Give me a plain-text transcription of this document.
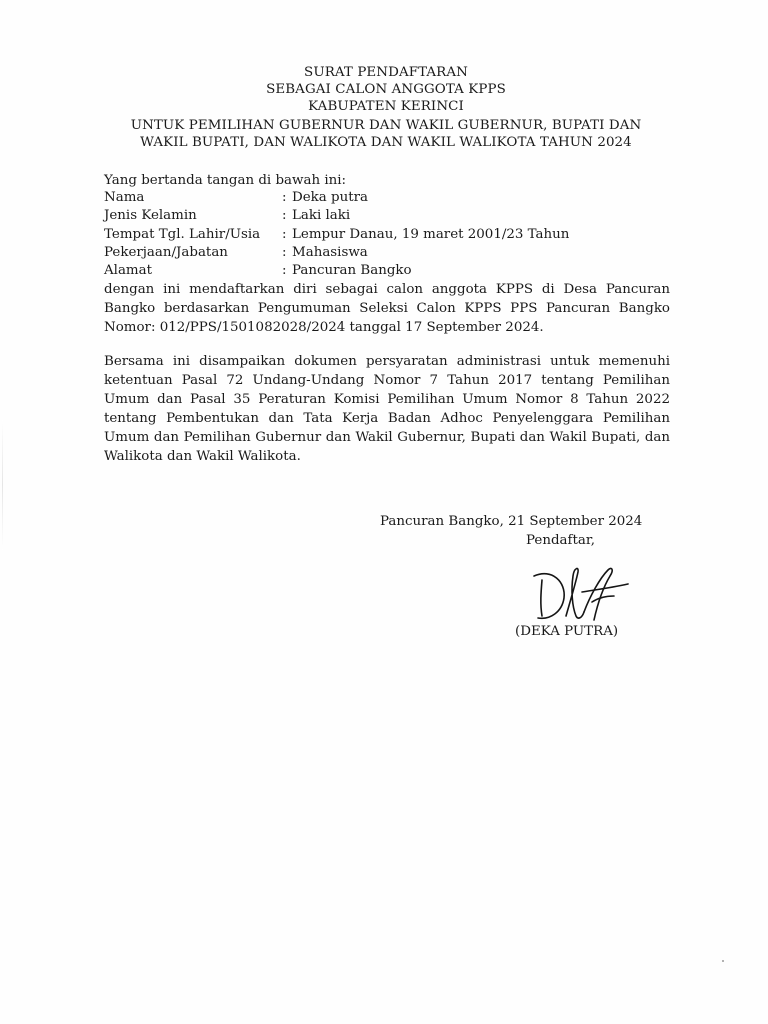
SURAT PENDAFTARAN

SEBAGAI CALON ANGGOTA KPPS

KABUPATEN KERINCI

UNTUK PEMILIHAN GUBERNUR DAN WAKIL GUBERNUR, BUPATI DAN

WAKIL BUPATI, DAN WALIKOTA DAN WAKIL WALIKOTA TAHUN 2024

Yang bertanda tangan di bawah ini:
Nama	: Deka putra
Jenis Kelamin	: Laki laki
Tempat Tgl. Lahir/Usia	: Lempur Danau, 19 maret 2001/23 Tahun
Pekerjaan/Jabatan	: Mahasiswa
Alamat	: Pancuran Bangko

dengan ini mendaftarkan diri sebagai calon anggota KPPS di Desa Pancuran Bangko berdasarkan Pengumuman Seleksi Calon KPPS PPS Pancuran Bangko Nomor: 012/PPS/1501082028/2024 tanggal 17 September 2024.

Bersama ini disampaikan dokumen persyaratan administrasi untuk memenuhi ketentuan Pasal 72 Undang-Undang Nomor 7 Tahun 2017 tentang Pemilihan Umum dan Pasal 35 Peraturan Komisi Pemilihan Umum Nomor 8 Tahun 2022 tentang Pembentukan dan Tata Kerja Badan Adhoc Penyelenggara Pemilihan Umum dan Pemilihan Gubernur dan Wakil Gubernur, Bupati dan Wakil Bupati, dan Walikota dan Wakil Walikota.

Pancuran Bangko, 21 September 2024
Pendaftar,
(DEKA PUTRA)
